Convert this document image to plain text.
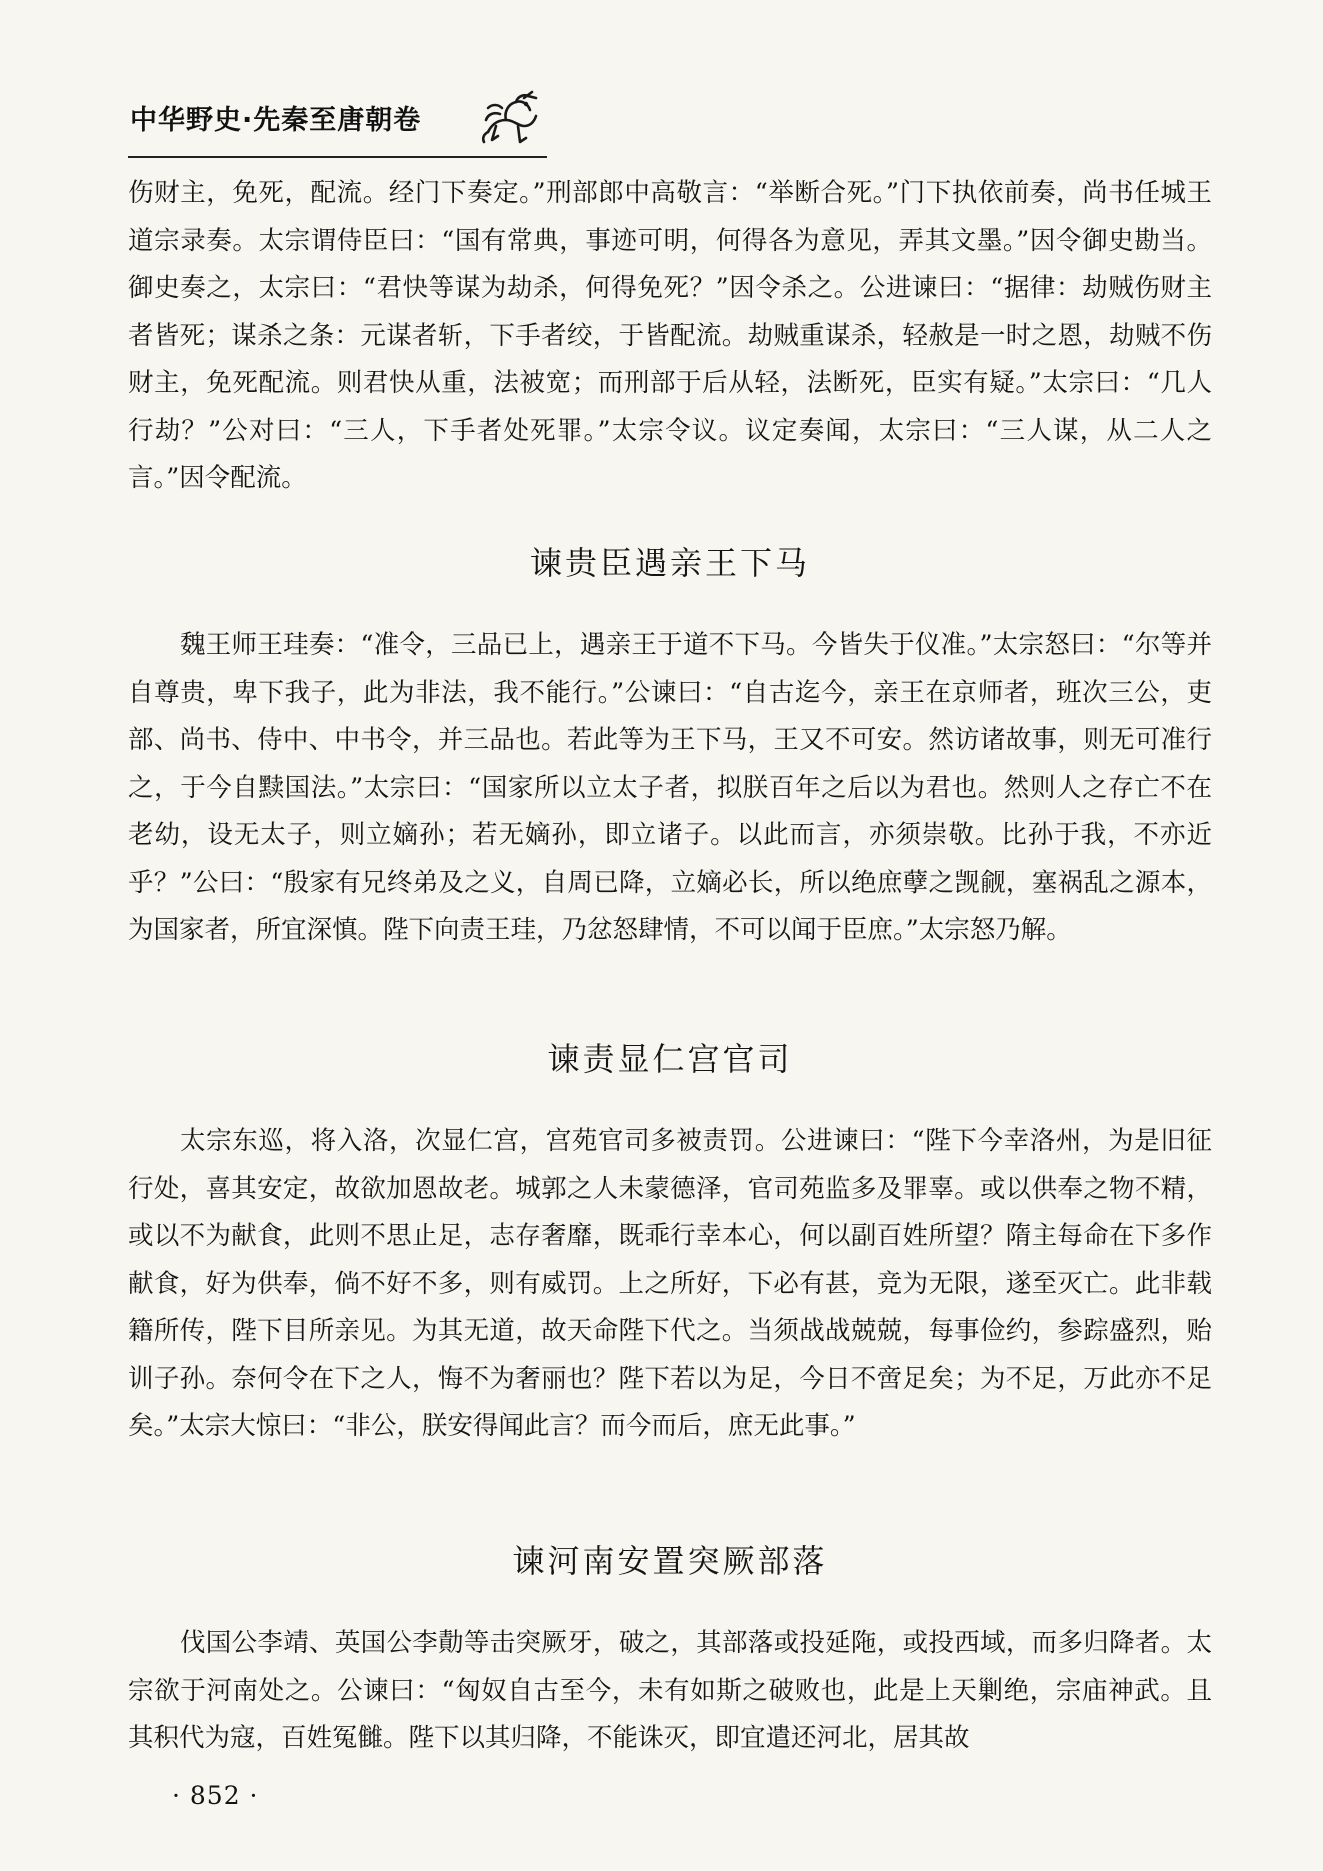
中华野史·先秦至唐朝卷

伤财主，免死，配流。经门下奏定。”刑部郎中高敬言：“举断合死。”门下执依前奏，尚书任城王道宗录奏。太宗谓侍臣曰：“国有常典，事迹可明，何得各为意见，弄其文墨。”因令御史勘当。御史奏之，太宗曰：“君快等谋为劫杀，何得免死？”因令杀之。公进谏曰：“据律：劫贼伤财主者皆死；谋杀之条：元谋者斩，下手者绞，于皆配流。劫贼重谋杀，轻赦是一时之恩，劫贼不伤财主，免死配流。则君快从重，法被宽；而刑部于后从轻，法断死，臣实有疑。”太宗曰：“几人行劫？”公对曰：“三人，下手者处死罪。”太宗令议。议定奏闻，太宗曰：“三人谋，从二人之言。”因令配流。

谏贵臣遇亲王下马

魏王师王珪奏：“准令，三品已上，遇亲王于道不下马。今皆失于仪准。”太宗怒曰：“尔等并自尊贵，卑下我子，此为非法，我不能行。”公谏曰：“自古迄今，亲王在京师者，班次三公，吏部、尚书、侍中、中书令，并三品也。若此等为王下马，王又不可安。然访诸故事，则无可准行之，于今自黩国法。”太宗曰：“国家所以立太子者，拟朕百年之后以为君也。然则人之存亡不在老幼，设无太子，则立嫡孙；若无嫡孙，即立诸子。以此而言，亦须崇敬。比孙于我，不亦近乎？”公曰：“殷家有兄终弟及之义，自周已降，立嫡必长，所以绝庶孽之觊觎，塞祸乱之源本，为国家者，所宜深慎。陛下向责王珪，乃忿怒肆情，不可以闻于臣庶。”太宗怒乃解。

谏责显仁宫官司

太宗东巡，将入洛，次显仁宫，宫苑官司多被责罚。公进谏曰：“陛下今幸洛州，为是旧征行处，喜其安定，故欲加恩故老。城郭之人未蒙德泽，官司苑监多及罪辜。或以供奉之物不精，或以不为献食，此则不思止足，志存奢靡，既乖行幸本心，何以副百姓所望？隋主每命在下多作献食，好为供奉，倘不好不多，则有威罚。上之所好，下必有甚，竞为无限，遂至灭亡。此非载籍所传，陛下目所亲见。为其无道，故天命陛下代之。当须战战兢兢，每事俭约，参踪盛烈，贻训子孙。奈何令在下之人，悔不为奢丽也？陛下若以为足，今日不啻足矣；为不足，万此亦不足矣。”太宗大惊曰：“非公，朕安得闻此言？而今而后，庶无此事。”

谏河南安置突厥部落

伐国公李靖、英国公李勣等击突厥牙，破之，其部落或投延陁，或投西域，而多归降者。太宗欲于河南处之。公谏曰：“匈奴自古至今，未有如斯之破败也，此是上天剿绝，宗庙神武。且其积代为寇，百姓冤雠。陛下以其归降，不能诛灭，即宜遣还河北，居其故

· 852 ·
